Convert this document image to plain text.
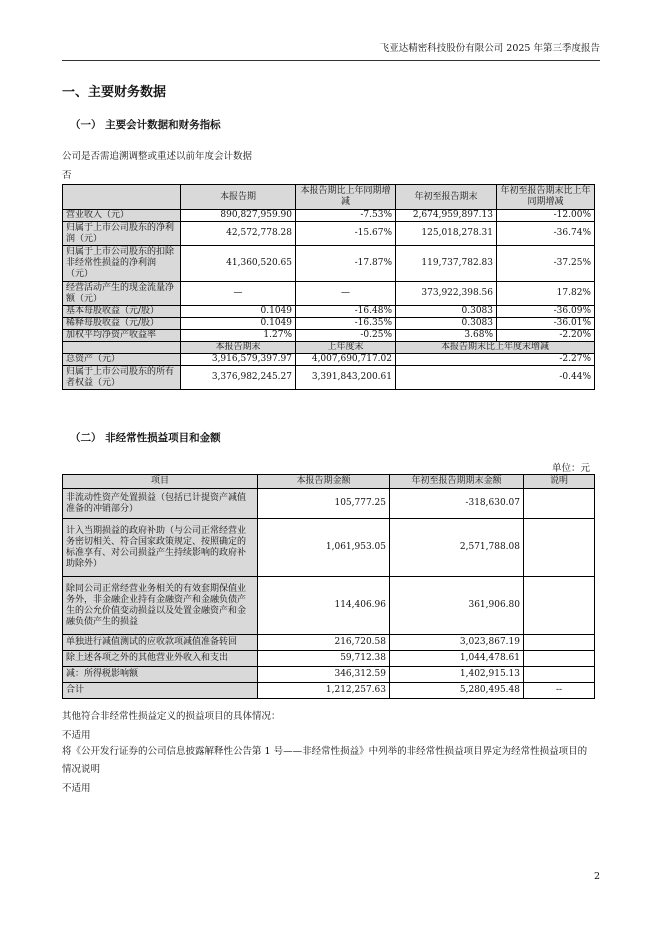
飞亚达精密科技股份有限公司 2025 年第三季度报告
一、主要财务数据
（一） 主要会计数据和财务指标
公司是否需追溯调整或重述以前年度会计数据
否
	本报告期	本报告期比上年同期增减	年初至报告期末	年初至报告期末比上年同期增减
营业收入（元）	890,827,959.90	-7.53%	2,674,959,897.13	-12.00%
归属于上市公司股东的净利润（元）	42,572,778.28	-15.67%	125,018,278.31	-36.74%
归属于上市公司股东的扣除非经常性损益的净利润（元）	41,360,520.65	-17.87%	119,737,782.83	-37.25%
经营活动产生的现金流量净额（元）	—	—	373,922,398.56	17.82%
基本每股收益（元/股）	0.1049	-16.48%	0.3083	-36.09%
稀释每股收益（元/股）	0.1049	-16.35%	0.3083	-36.01%
加权平均净资产收益率	1.27%	-0.25%	3.68%	-2.20%
	本报告期末	上年度末	本报告期末比上年度末增减	
总资产（元）	3,916,579,397.97	4,007,690,717.02	-2.27%	
归属于上市公司股东的所有者权益（元）	3,376,982,245.27	3,391,843,200.61	-0.44%	
（二） 非经常性损益项目和金额
单位：元
项目	本报告期金额	年初至报告期期末金额	说明
非流动性资产处置损益（包括已计提资产减值准备的冲销部分）	105,777.25	-318,630.07	
计入当期损益的政府补助（与公司正常经营业务密切相关、符合国家政策规定、按照确定的标准享有、对公司损益产生持续影响的政府补助除外）	1,061,953.05	2,571,788.08	
除同公司正常经营业务相关的有效套期保值业务外，非金融企业持有金融资产和金融负债产生的公允价值变动损益以及处置金融资产和金融负债产生的损益	114,406.96	361,906.80	
单独进行减值测试的应收款项减值准备转回	216,720.58	3,023,867.19	
除上述各项之外的其他营业外收入和支出	59,712.38	1,044,478.61	
减：所得税影响额	346,312.59	1,402,915.13	
合计	1,212,257.63	5,280,495.48	--
其他符合非经常性损益定义的损益项目的具体情况：
不适用
将《公开发行证券的公司信息披露解释性公告第 1 号——非经常性损益》中列举的非经常性损益项目界定为经常性损益项目的情况说明
不适用
2
